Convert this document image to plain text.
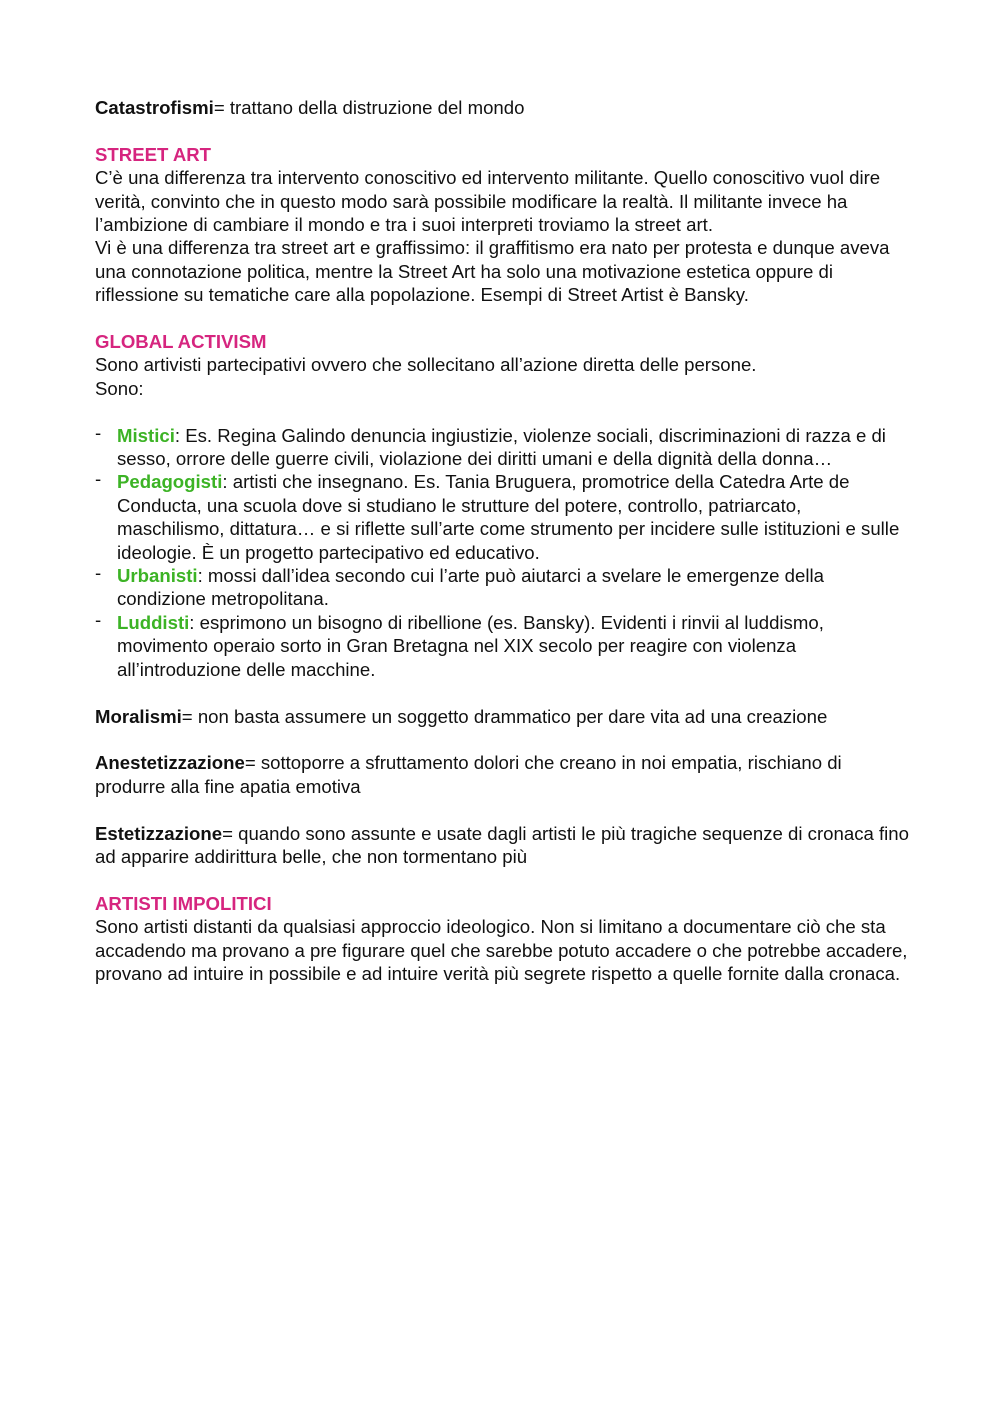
Catastrofismi= trattano della distruzione del mondo

STREET ART

C’è una differenza tra intervento conoscitivo ed intervento militante. Quello conoscitivo vuol dire verità, convinto che in questo modo sarà possibile modificare la realtà. Il militante invece ha l’ambizione di cambiare il mondo e tra i suoi interpreti troviamo la street art.

Vi è una differenza tra street art e graffissimo: il graffitismo era nato per protesta e dunque aveva una connotazione politica, mentre la Street Art ha solo una motivazione estetica oppure di riflessione su tematiche care alla popolazione. Esempi di Street Artist è Bansky.

GLOBAL ACTIVISM

Sono artivisti partecipativi ovvero che sollecitano all’azione diretta delle persone.

Sono:

- Mistici: Es. Regina Galindo denuncia ingiustizie, violenze sociali, discriminazioni di razza e di sesso, orrore delle guerre civili, violazione dei diritti umani e della dignità della donna…
- Pedagogisti: artisti che insegnano. Es. Tania Bruguera, promotrice della Catedra Arte de Conducta, una scuola dove si studiano le strutture del potere, controllo, patriarcato, maschilismo, dittatura… e si riflette sull’arte come strumento per incidere sulle istituzioni e sulle ideologie. È un progetto partecipativo ed educativo.
- Urbanisti: mossi dall’idea secondo cui l’arte può aiutarci a svelare le emergenze della condizione metropolitana.
- Luddisti: esprimono un bisogno di ribellione (es. Bansky). Evidenti i rinvii al luddismo, movimento operaio sorto in Gran Bretagna nel XIX secolo per reagire con violenza all’introduzione delle macchine.

Moralismi= non basta assumere un soggetto drammatico per dare vita ad una creazione

Anestetizzazione= sottoporre a sfruttamento dolori che creano in noi empatia, rischiano di produrre alla fine apatia emotiva

Estetizzazione= quando sono assunte e usate dagli artisti le più tragiche sequenze di cronaca fino ad apparire addirittura belle, che non tormentano più

ARTISTI IMPOLITICI

Sono artisti distanti da qualsiasi approccio ideologico. Non si limitano a documentare ciò che sta accadendo ma provano a pre figurare quel che sarebbe potuto accadere o che potrebbe accadere, provano ad intuire in possibile e ad intuire verità più segrete rispetto a quelle fornite dalla cronaca.
